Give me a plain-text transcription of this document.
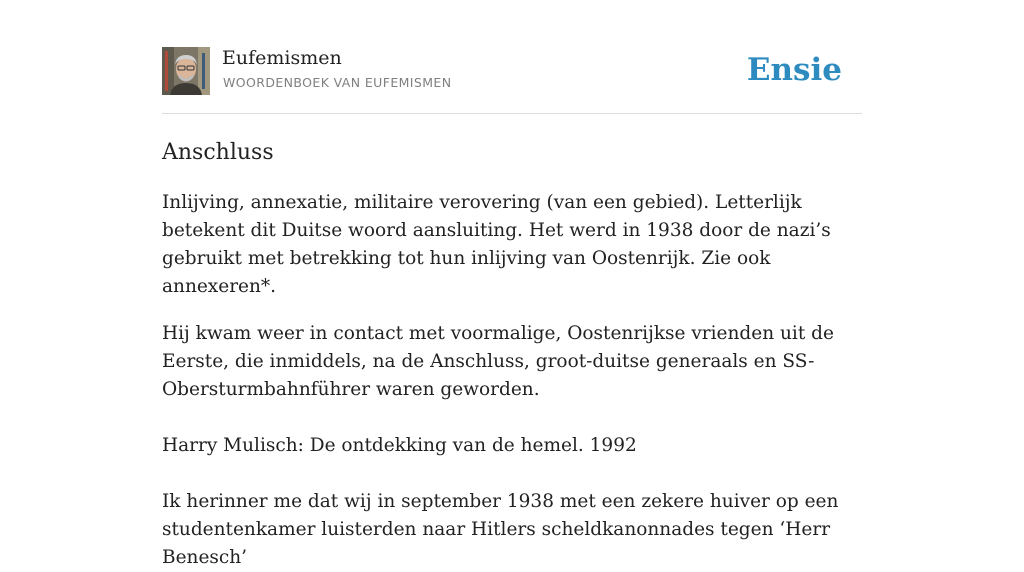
Eufemismen
WOORDENBOEK VAN EUFEMISMEN	Ensie
Anschluss

Inlijving, annexatie, militaire verovering (van een gebied). Letterlijk betekent dit Duitse woord aansluiting. Het werd in 1938 door de nazi’s gebruikt met betrekking tot hun inlijving van Oostenrijk. Zie ook annexeren*.

Hij kwam weer in contact met voormalige, Oostenrijkse vrienden uit de Eerste, die inmiddels, na de Anschluss, groot-duitse generaals en SS-Obersturmbahnführer waren geworden.

Harry Mulisch: De ontdekking van de hemel. 1992

Ik herinner me dat wij in september 1938 met een zekere huiver op een studentenkamer luisterden naar Hitlers scheldkanonnades tegen ‘Herr Benesch’
